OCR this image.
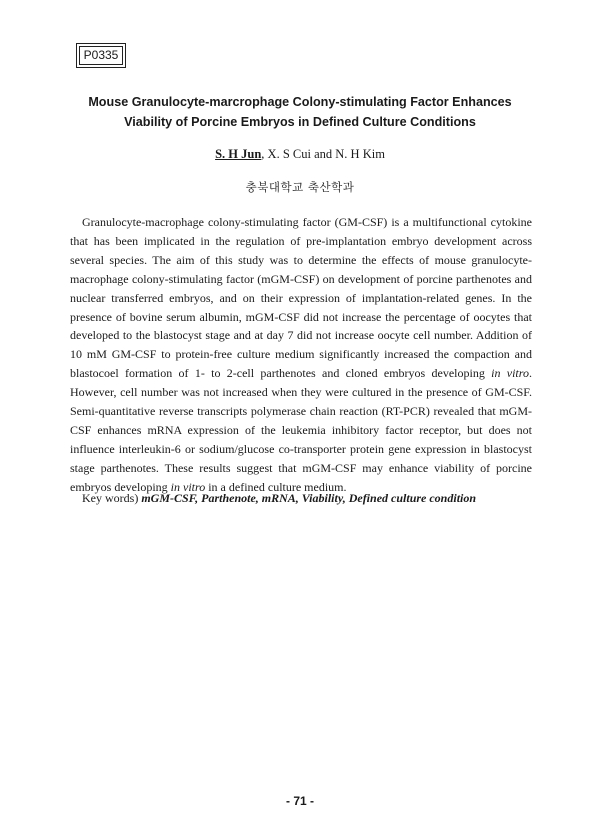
P0335
Mouse Granulocyte-marcrophage Colony-stimulating Factor Enhances
Viability of Porcine Embryos in Defined Culture Conditions
S. H Jun, X. S Cui and N. H Kim
충북대학교 축산학과

Granulocyte-macrophage colony-stimulating factor (GM-CSF) is a multifunctional cytokine that has been implicated in the regulation of pre-implantation embryo development across several species. The aim of this study was to determine the effects of mouse granulocyte-macrophage colony-stimulating factor (mGM-CSF) on development of porcine parthenotes and nuclear transferred embryos, and on their expression of implantation-related genes. In the presence of bovine serum albumin, mGM-CSF did not increase the percentage of oocytes that developed to the blastocyst stage and at day 7 did not increase oocyte cell number. Addition of 10 mM GM-CSF to protein-free culture medium significantly increased the compaction and blastocoel formation of 1- to 2-cell parthenotes and cloned embryos developing in vitro. However, cell number was not increased when they were cultured in the presence of GM-CSF. Semi-quantitative reverse transcripts polymerase chain reaction (RT-PCR) revealed that mGM-CSF enhances mRNA expression of the leukemia inhibitory factor receptor, but does not influence interleukin-6 or sodium/glucose co-transporter protein gene expression in blastocyst stage parthenotes. These results suggest that mGM-CSF may enhance viability of porcine embryos developing in vitro in a defined culture medium.

Key words) mGM-CSF, Parthenote, mRNA, Viability, Defined culture condition
- 71 -
